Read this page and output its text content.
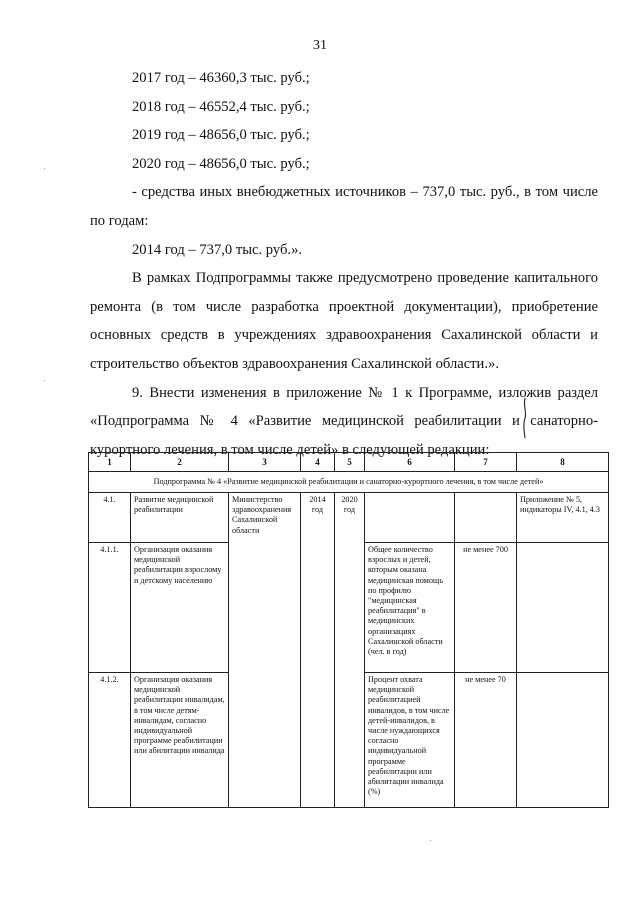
31

2017 год – 46360,3 тыс. руб.;

2018 год – 46552,4 тыс. руб.;

2019 год – 48656,0 тыс. руб.;

2020 год – 48656,0 тыс. руб.;

- средства иных внебюджетных источников – 737,0 тыс. руб., в том числе по годам:

2014 год – 737,0 тыс. руб.».

В рамках Подпрограммы также предусмотрено проведение капитального ремонта (в том числе разработка проектной документации), приобретение основных средств в учреждениях здравоохранения Сахалинской области и строительство объектов здравоохранения Сахалинской области.».

9. Внести изменения в приложение № 1 к Программе, изложив раздел «Подпрограмма № 4 «Развитие медицинской реабилитации и санаторно-курортного лечения, в том числе детей» в следующей редакции:

1	2	3	4	5	6	7	8
Подпрограмма № 4 «Развитие медицинской реабилитации и санаторно-курортного лечения, в том числе детей»							
4.1.	Развитие медицинской реабилитации	Министерство здравоохранения Сахалинской области	2014 год	2020 год			Приложение № 5, индикаторы IV, 4.1, 4.3
4.1.1.	Организация оказания медицинской реабилитации взрослому и детскому населению				Общее количество взрослых и детей, которым оказана медицинская помощь по профилю "медицинская реабилитация" в медицинских организациях Сахалинской области (чел. в год)	не менее 700	
4.1.2.	Организация оказания медицинской реабилитации инвалидам, в том числе детям-инвалидам, согласно индивидуальной программе реабилитации или абилитации инвалида				Процент охвата медицинской реабилитацией инвалидов, в том числе детей-инвалидов, в числе нуждающихся согласно индивидуальной программе реабилитации или абилитации инвалида (%)	не менее 70	
